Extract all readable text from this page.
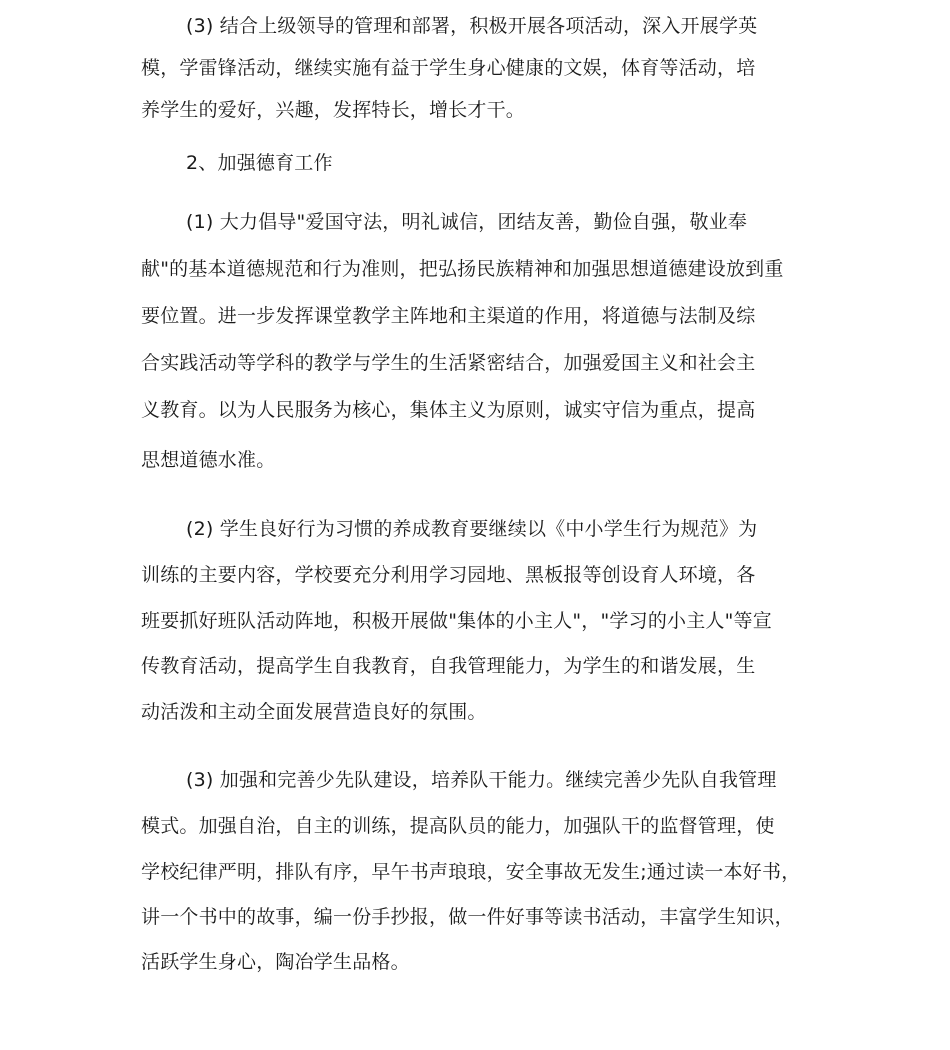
(3) 结合上级领导的管理和部署，积极开展各项活动，深入开展学英
模，学雷锋活动，继续实施有益于学生身心健康的文娱，体育等活动，培
养学生的爱好，兴趣，发挥特长，增长才干。
2、加强德育工作
(1) 大力倡导"爱国守法，明礼诚信，团结友善，勤俭自强，敬业奉
献"的基本道德规范和行为准则，把弘扬民族精神和加强思想道德建设放到重
要位置。进一步发挥课堂教学主阵地和主渠道的作用，将道德与法制及综
合实践活动等学科的教学与学生的生活紧密结合，加强爱国主义和社会主
义教育。以为人民服务为核心，集体主义为原则，诚实守信为重点，提高
思想道德水准。
(2) 学生良好行为习惯的养成教育要继续以《中小学生行为规范》为
训练的主要内容，学校要充分利用学习园地、黑板报等创设育人环境，各
班要抓好班队活动阵地，积极开展做"集体的小主人"，"学习的小主人"等宣
传教育活动，提高学生自我教育，自我管理能力，为学生的和谐发展，生
动活泼和主动全面发展营造良好的氛围。
(3) 加强和完善少先队建设，培养队干能力。继续完善少先队自我管理
模式。加强自治，自主的训练，提高队员的能力，加强队干的监督管理，使
学校纪律严明，排队有序，早午书声琅琅，安全事故无发生;通过读一本好书，
讲一个书中的故事，编一份手抄报，做一件好事等读书活动，丰富学生知识，
活跃学生身心，陶冶学生品格。
